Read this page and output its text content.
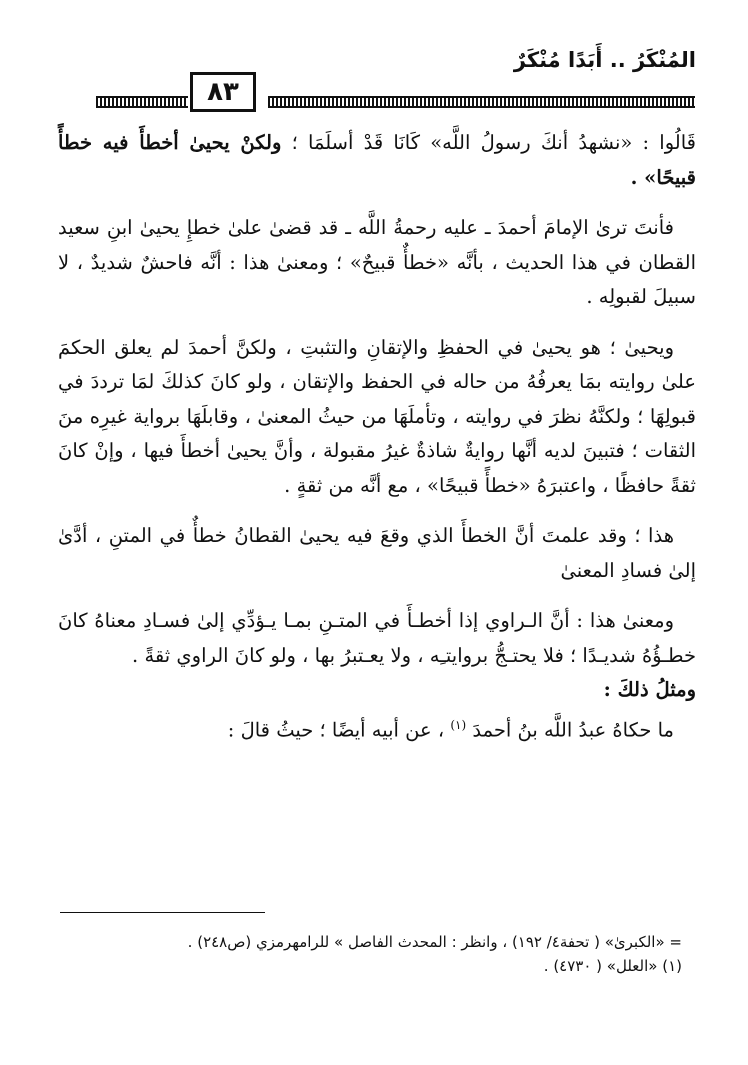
المُنْكَرُ .. أَبَدًا مُنْكَرٌ
٨٣

قَالُوا : «نشهدُ أنكَ رسولُ اللَّه» كَانَا قَدْ أسلَمَا ؛ ولكنْ يحيىٰ أخطأَ فيه خطأً قبيحًا» .

فأنتَ ترىٰ الإمامَ أحمدَ ـ عليه رحمةُ اللَّه ـ قد قضىٰ علىٰ خطإِ يحيىٰ ابنِ سعيد القطان في هذا الحديث ، بأنَّه «خطأٌ قبيحٌ» ؛ ومعنىٰ هذا : أنَّه فاحشٌ شديدٌ ، لا سبيلَ لقبولِه .

ويحيىٰ ؛ هو يحيىٰ في الحفظِ والإتقانِ والتثبتِ ، ولكنَّ أحمدَ لم يعلق الحكمَ علىٰ روايته بمَا يعرفُهُ من حاله في الحفظ والإتقان ، ولو كانَ كذلكَ لمَا ترددَ في قبولِهَا ؛ ولكنَّهُ نظرَ في روايته ، وتأملَهَا من حيثُ المعنىٰ ، وقابلَهَا برواية غيرِه منَ الثقات ؛ فتبينَ لديه أنَّها روايةٌ شاذةٌ غيرُ مقبولة ، وأنَّ يحيىٰ أخطأَ فيها ، وإنْ كانَ ثقةً حافظًا ، واعتبرَهُ «خطأً قبيحًا» ، مع أنَّه من ثقةٍ .

هذا ؛ وقد علمتَ أنَّ الخطأَ الذي وقعَ فيه يحيىٰ القطانُ خطأٌ في المتنِ ، أدَّىٰ إلىٰ فسادِ المعنىٰ

ومعنىٰ هذا : أنَّ الـراوي إذا أخطـأَ في المتـنِ بمـا يـؤدِّي إلىٰ فسـادِ معناهُ كانَ خطـؤُهُ شديـدًا ؛ فلا يحتـجُّ بروايتـِه ، ولا يعـتبرُ بها ، ولو كانَ الراوي ثقةً .

ومثلُ ذلكَ :

ما حكاهُ عبدُ اللَّه بنُ أحمدَ $^{(١)}$ ، عن أبيه أيضًا ؛ حيثُ قالَ :

= «الكبرىٰ» ( تحفة٤/ ١٩٢) ، وانظر : المحدث الفاصل » للرامهرمزي (ص٢٤٨) .
(١) «العلل» ( ٤٧٣٠) .
